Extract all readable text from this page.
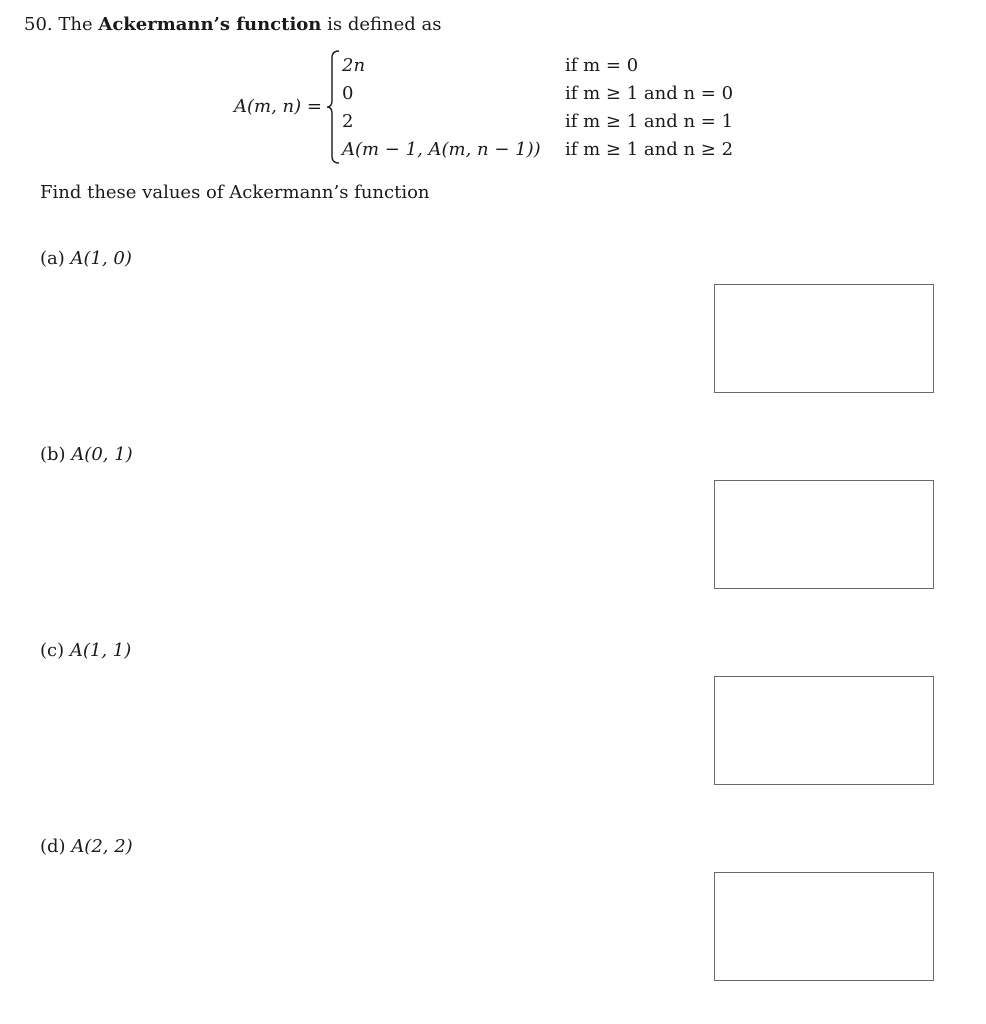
50. The Ackermann’s function is defined as
A(m, n) =
2n	if m = 0
0	if m ≥ 1 and n = 0
2	if m ≥ 1 and n = 1
A(m − 1, A(m, n − 1)) if m ≥ 1 and n ≥ 2
Find these values of Ackermann’s function
(a) A(1, 0)
(b) A(0, 1)
(c) A(1, 1)
(d) A(2, 2)
